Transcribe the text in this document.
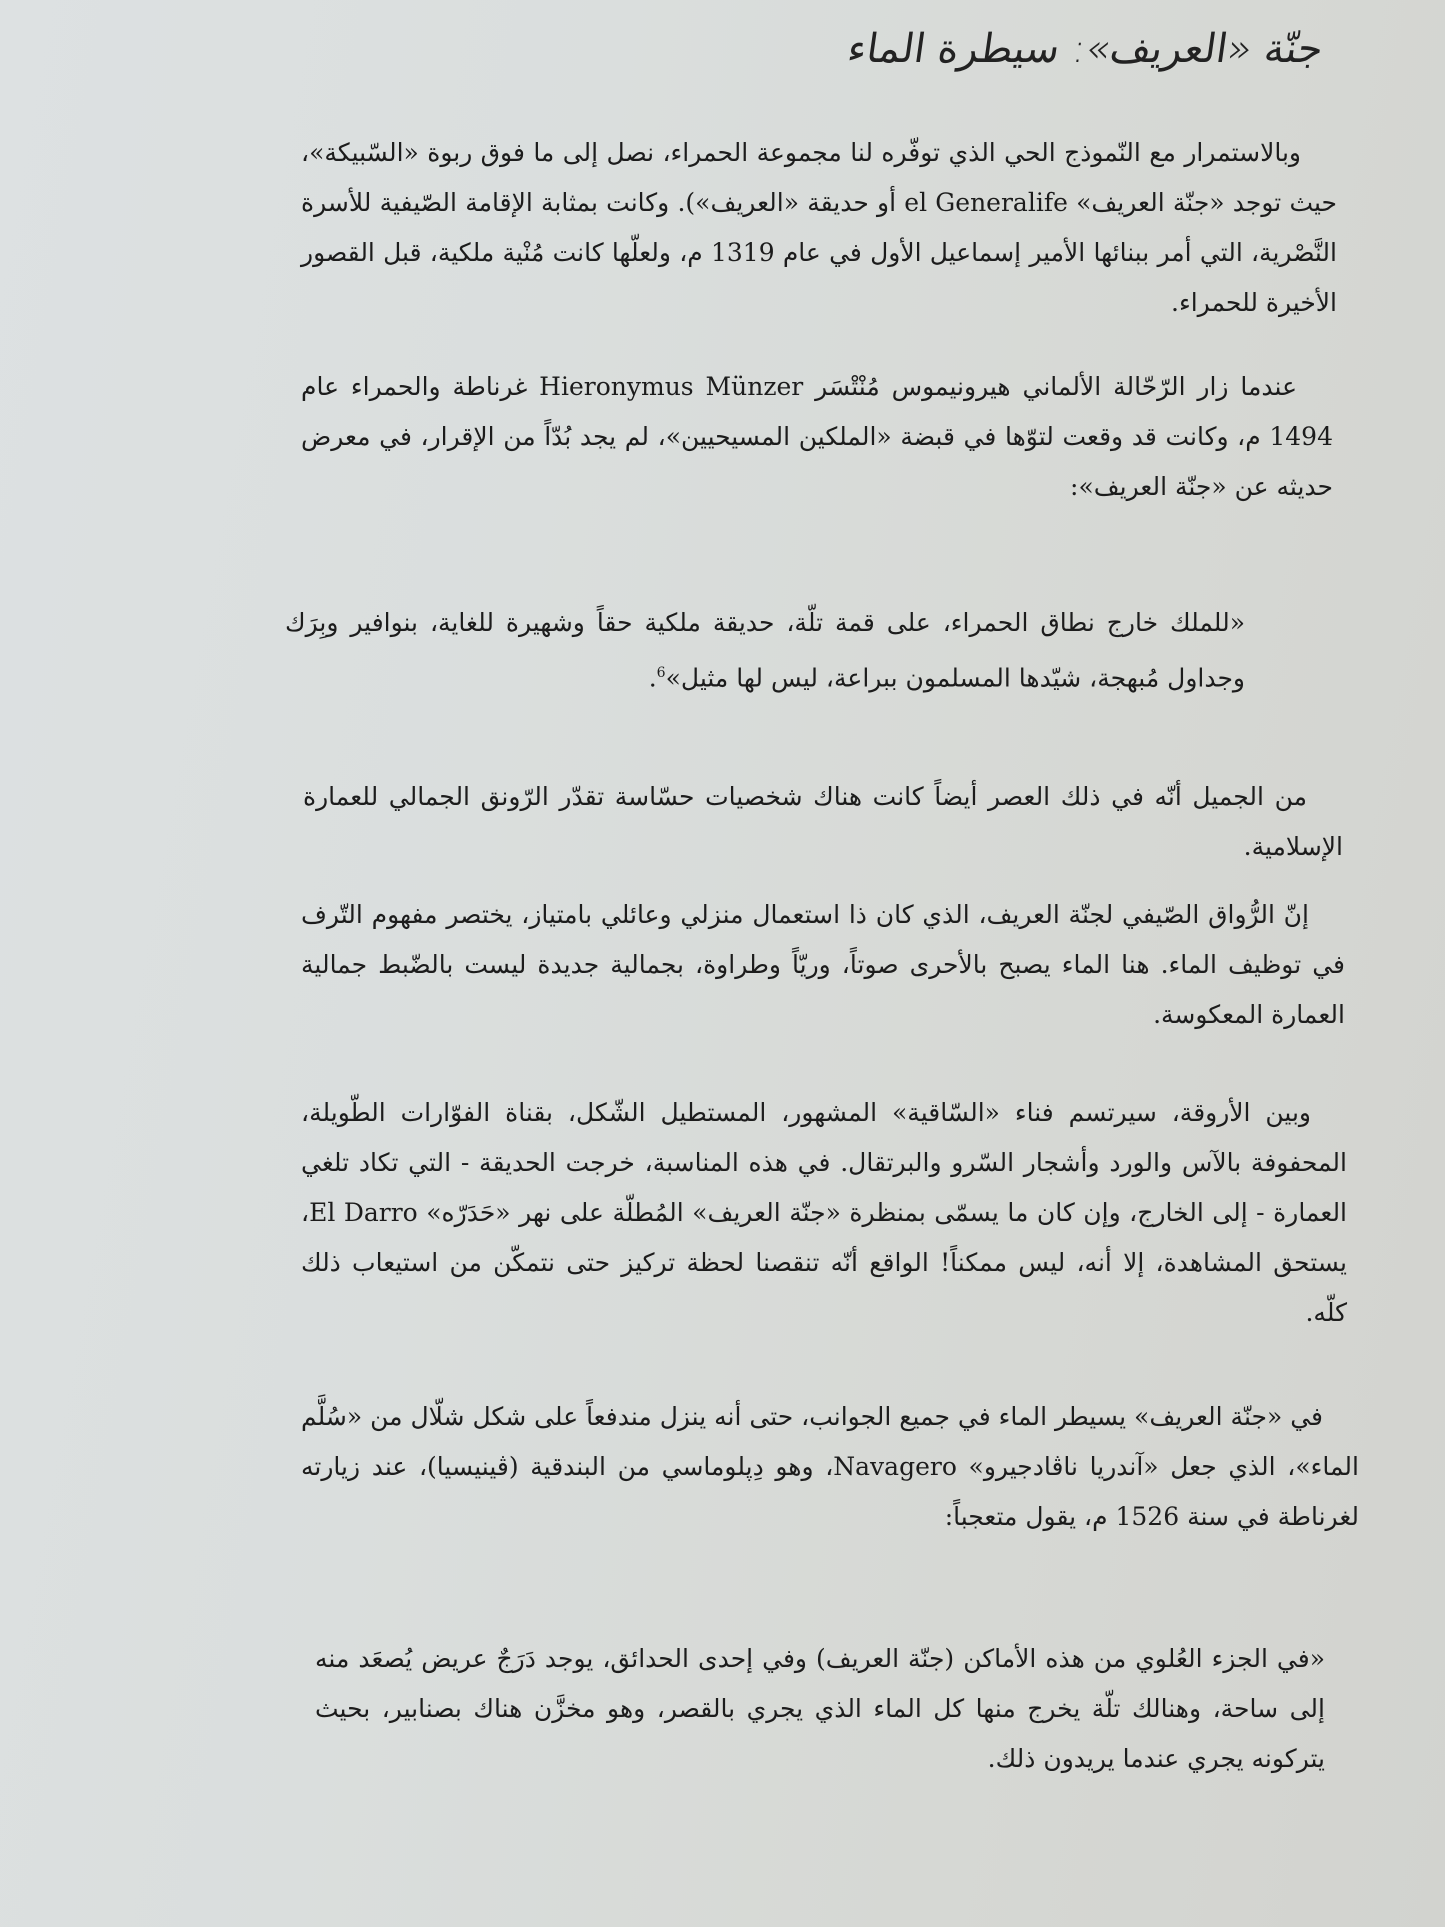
جنّة «العريف»: سيطرة الماء

وبالاستمرار مع النّموذج الحي الذي توفّره لنا مجموعة الحمراء، نصل إلى ما فوق ربوة «السّبيكة»، حيث توجد «جنّة العريف» el Generalife أو حديقة «العريف»). وكانت بمثابة الإقامة الصّيفية للأسرة النَّصْرية، التي أمر ببنائها الأمير إسماعيل الأول في عام 1319 م، ولعلّها كانت مُنْية ملكية، قبل القصور الأخيرة للحمراء.

عندما زار الرّحّالة الألماني هيرونيموس مُنْتْسَر Hieronymus Münzer غرناطة والحمراء عام 1494 م، وكانت قد وقعت لتوّها في قبضة «الملكين المسيحيين»، لم يجد بُدّاً من الإقرار، في معرض حديثه عن «جنّة العريف»:

«للملك خارج نطاق الحمراء، على قمة تلّة، حديقة ملكية حقاً وشهيرة للغاية، بنوافير وبِرَك وجداول مُبهجة، شيّدها المسلمون ببراعة، ليس لها مثيل»$^6$.

من الجميل أنّه في ذلك العصر أيضاً كانت هناك شخصيات حسّاسة تقدّر الرّونق الجمالي للعمارة الإسلامية.

إنّ الرُّواق الصّيفي لجنّة العريف، الذي كان ذا استعمال منزلي وعائلي بامتياز، يختصر مفهوم التّرف في توظيف الماء. هنا الماء يصبح بالأحرى صوتاً، وريّاً وطراوة، بجمالية جديدة ليست بالضّبط جمالية العمارة المعكوسة.

وبين الأروقة، سيرتسم فناء «السّاقية» المشهور، المستطيل الشّكل، بقناة الفوّارات الطّويلة، المحفوفة بالآس والورد وأشجار السّرو والبرتقال. في هذه المناسبة، خرجت الحديقة - التي تكاد تلغي العمارة - إلى الخارج، وإن كان ما يسمّى بمنظرة «جنّة العريف» المُطلّة على نهر «حَدَرّه» El Darro، يستحق المشاهدة، إلا أنه، ليس ممكناً! الواقع أنّه تنقصنا لحظة تركيز حتى نتمكّن من استيعاب ذلك كلّه.

في «جنّة العريف» يسيطر الماء في جميع الجوانب، حتى أنه ينزل مندفعاً على شكل شلّال من «سُلَّم الماء»، الذي جعل «آندريا ناڤادجيرو» Navagero، وهو دِپلوماسي من البندقية (ڤينيسيا)، عند زيارته لغرناطة في سنة 1526 م، يقول متعجباً:

«في الجزء العُلوي من هذه الأماكن (جنّة العريف) وفي إحدى الحدائق، يوجد دَرَجٌ عريض يُصعَد منه إلى ساحة، وهنالك تلّة يخرج منها كل الماء الذي يجري بالقصر، وهو مخزَّن هناك بصنابير، بحيث يتركونه يجري عندما يريدون ذلك.
